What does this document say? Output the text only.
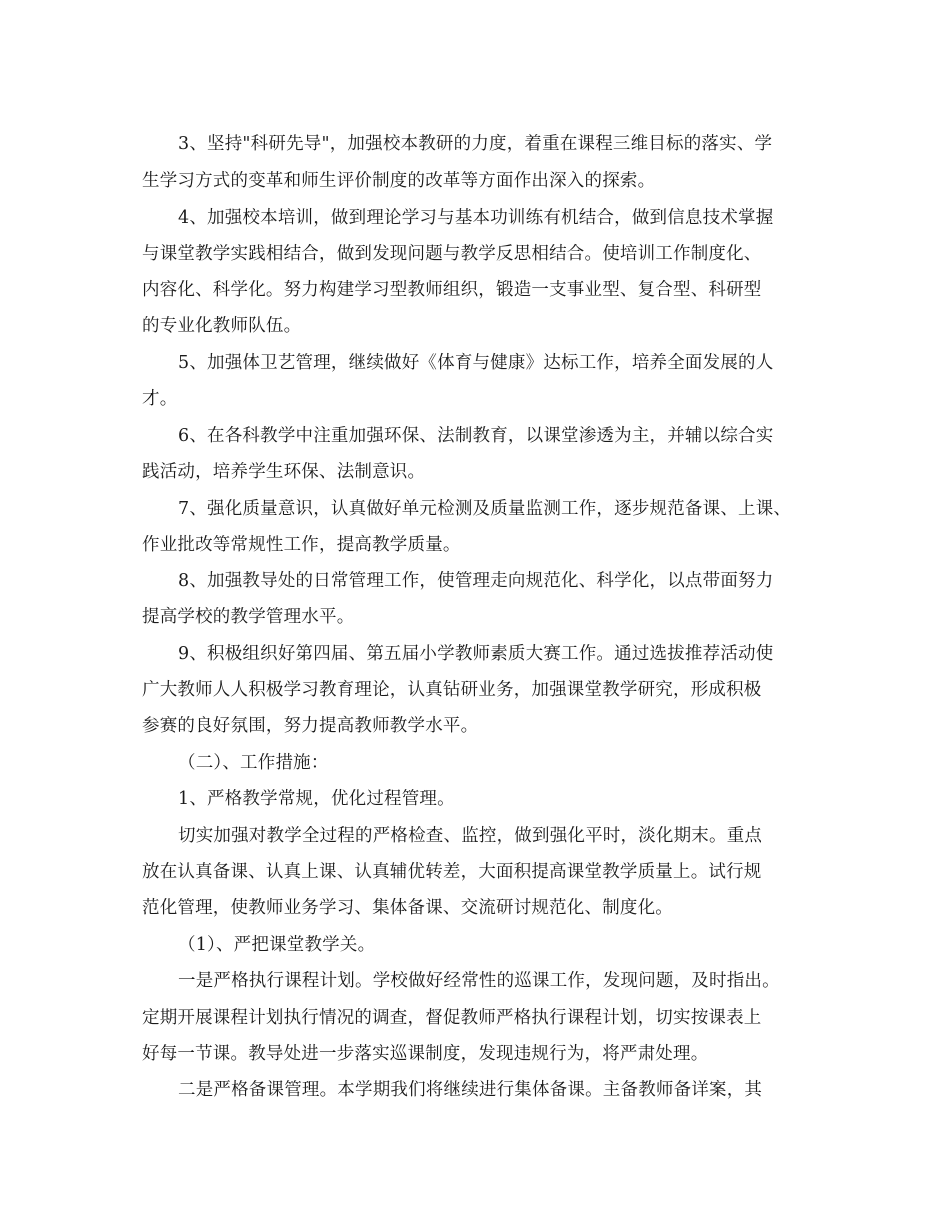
3、坚持"科研先导"，加强校本教研的力度，着重在课程三维目标的落实、学
生学习方式的变革和师生评价制度的改革等方面作出深入的探索。
4、加强校本培训，做到理论学习与基本功训练有机结合，做到信息技术掌握
与课堂教学实践相结合，做到发现问题与教学反思相结合。使培训工作制度化、
内容化、科学化。努力构建学习型教师组织，锻造一支事业型、复合型、科研型
的专业化教师队伍。
5、加强体卫艺管理，继续做好《体育与健康》达标工作，培养全面发展的人
才。
6、在各科教学中注重加强环保、法制教育，以课堂渗透为主，并辅以综合实
践活动，培养学生环保、法制意识。
7、强化质量意识，认真做好单元检测及质量监测工作，逐步规范备课、上课、
作业批改等常规性工作，提高教学质量。
8、加强教导处的日常管理工作，使管理走向规范化、科学化，以点带面努力
提高学校的教学管理水平。
9、积极组织好第四届、第五届小学教师素质大赛工作。通过选拔推荐活动使
广大教师人人积极学习教育理论，认真钻研业务，加强课堂教学研究，形成积极
参赛的良好氛围，努力提高教师教学水平。
（二）、工作措施：
1、严格教学常规，优化过程管理。
切实加强对教学全过程的严格检查、监控，做到强化平时，淡化期末。重点
放在认真备课、认真上课、认真辅优转差，大面积提高课堂教学质量上。试行规
范化管理，使教师业务学习、集体备课、交流研讨规范化、制度化。
（1）、严把课堂教学关。
一是严格执行课程计划。学校做好经常性的巡课工作，发现问题，及时指出。
定期开展课程计划执行情况的调查，督促教师严格执行课程计划，切实按课表上
好每一节课。教导处进一步落实巡课制度，发现违规行为，将严肃处理。
二是严格备课管理。本学期我们将继续进行集体备课。主备教师备详案，其
